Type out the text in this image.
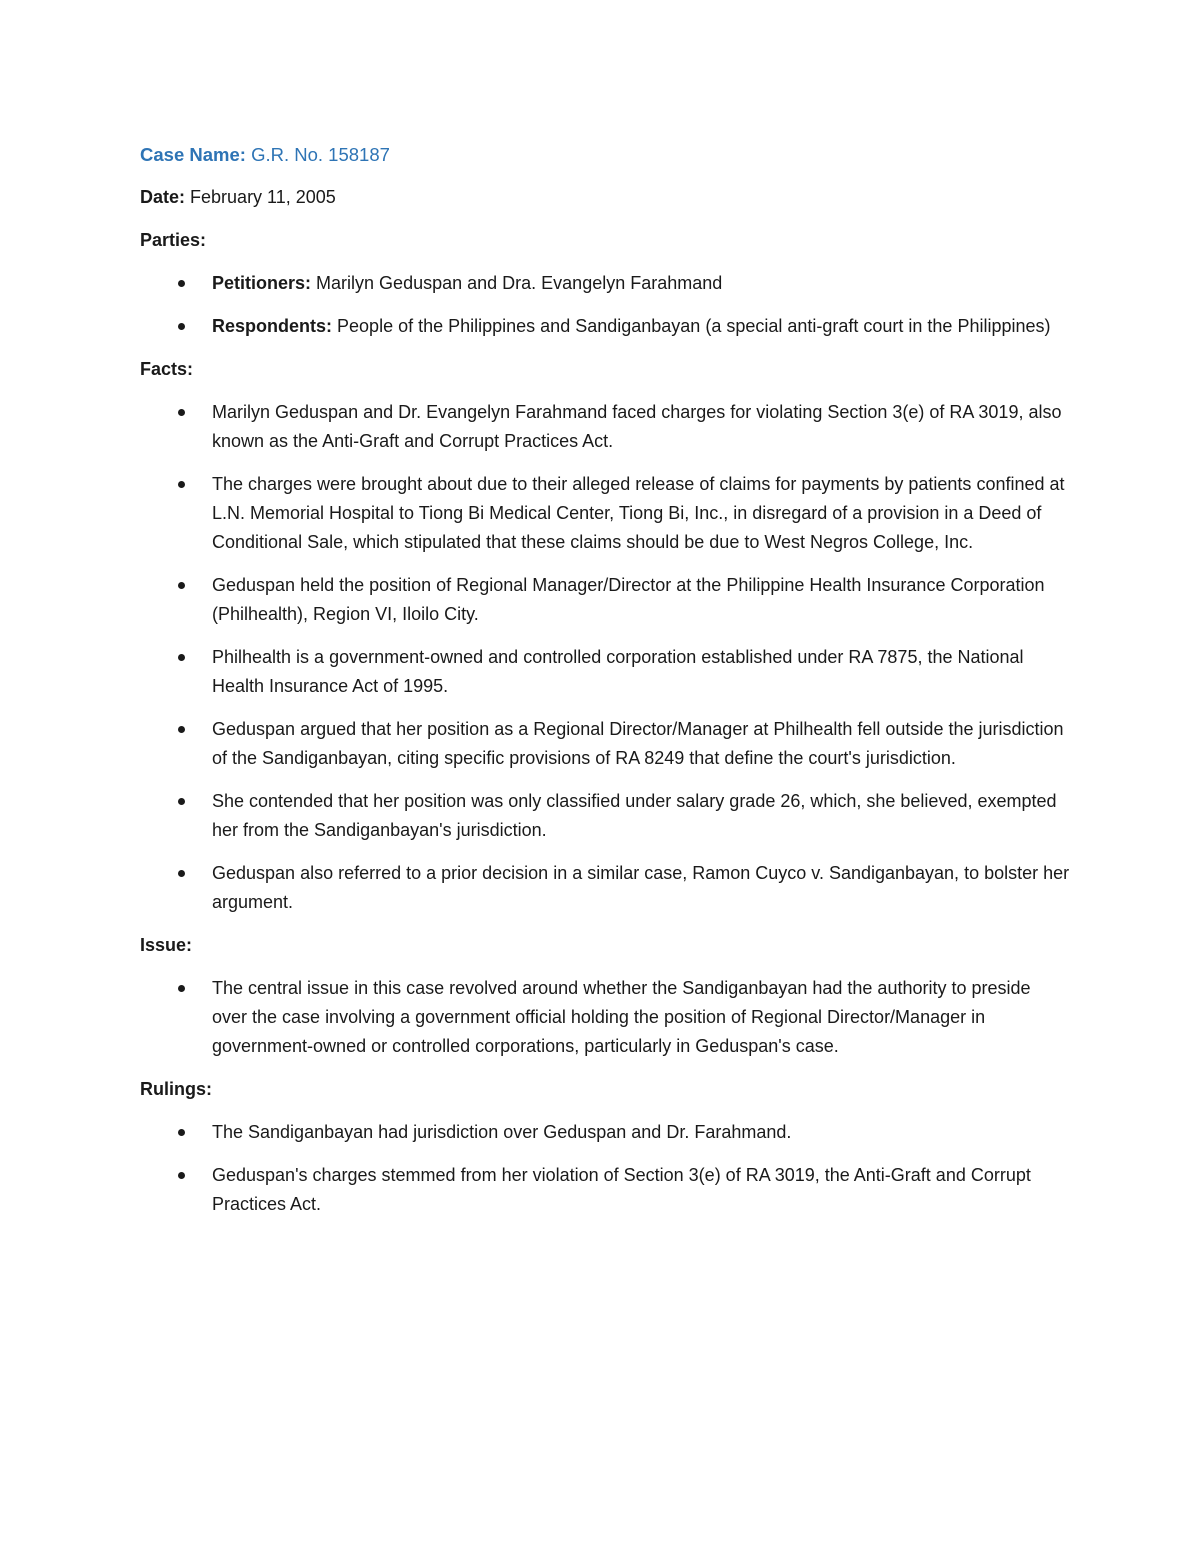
Case Name: G.R. No. 158187

Date: February 11, 2005

Parties:

Petitioners: Marilyn Geduspan and Dra. Evangelyn Farahmand
Respondents: People of the Philippines and Sandiganbayan (a special anti-graft court in the Philippines)

Facts:

Marilyn Geduspan and Dr. Evangelyn Farahmand faced charges for violating Section 3(e) of RA 3019, also known as the Anti-Graft and Corrupt Practices Act.
The charges were brought about due to their alleged release of claims for payments by patients confined at L.N. Memorial Hospital to Tiong Bi Medical Center, Tiong Bi, Inc., in disregard of a provision in a Deed of Conditional Sale, which stipulated that these claims should be due to West Negros College, Inc.
Geduspan held the position of Regional Manager/Director at the Philippine Health Insurance Corporation (Philhealth), Region VI, Iloilo City.
Philhealth is a government-owned and controlled corporation established under RA 7875, the National Health Insurance Act of 1995.
Geduspan argued that her position as a Regional Director/Manager at Philhealth fell outside the jurisdiction of the Sandiganbayan, citing specific provisions of RA 8249 that define the court's jurisdiction.
She contended that her position was only classified under salary grade 26, which, she believed, exempted her from the Sandiganbayan's jurisdiction.
Geduspan also referred to a prior decision in a similar case, Ramon Cuyco v. Sandiganbayan, to bolster her argument.

Issue:

The central issue in this case revolved around whether the Sandiganbayan had the authority to preside over the case involving a government official holding the position of Regional Director/Manager in government-owned or controlled corporations, particularly in Geduspan's case.

Rulings:

The Sandiganbayan had jurisdiction over Geduspan and Dr. Farahmand.
Geduspan's charges stemmed from her violation of Section 3(e) of RA 3019, the Anti-Graft and Corrupt Practices Act.
